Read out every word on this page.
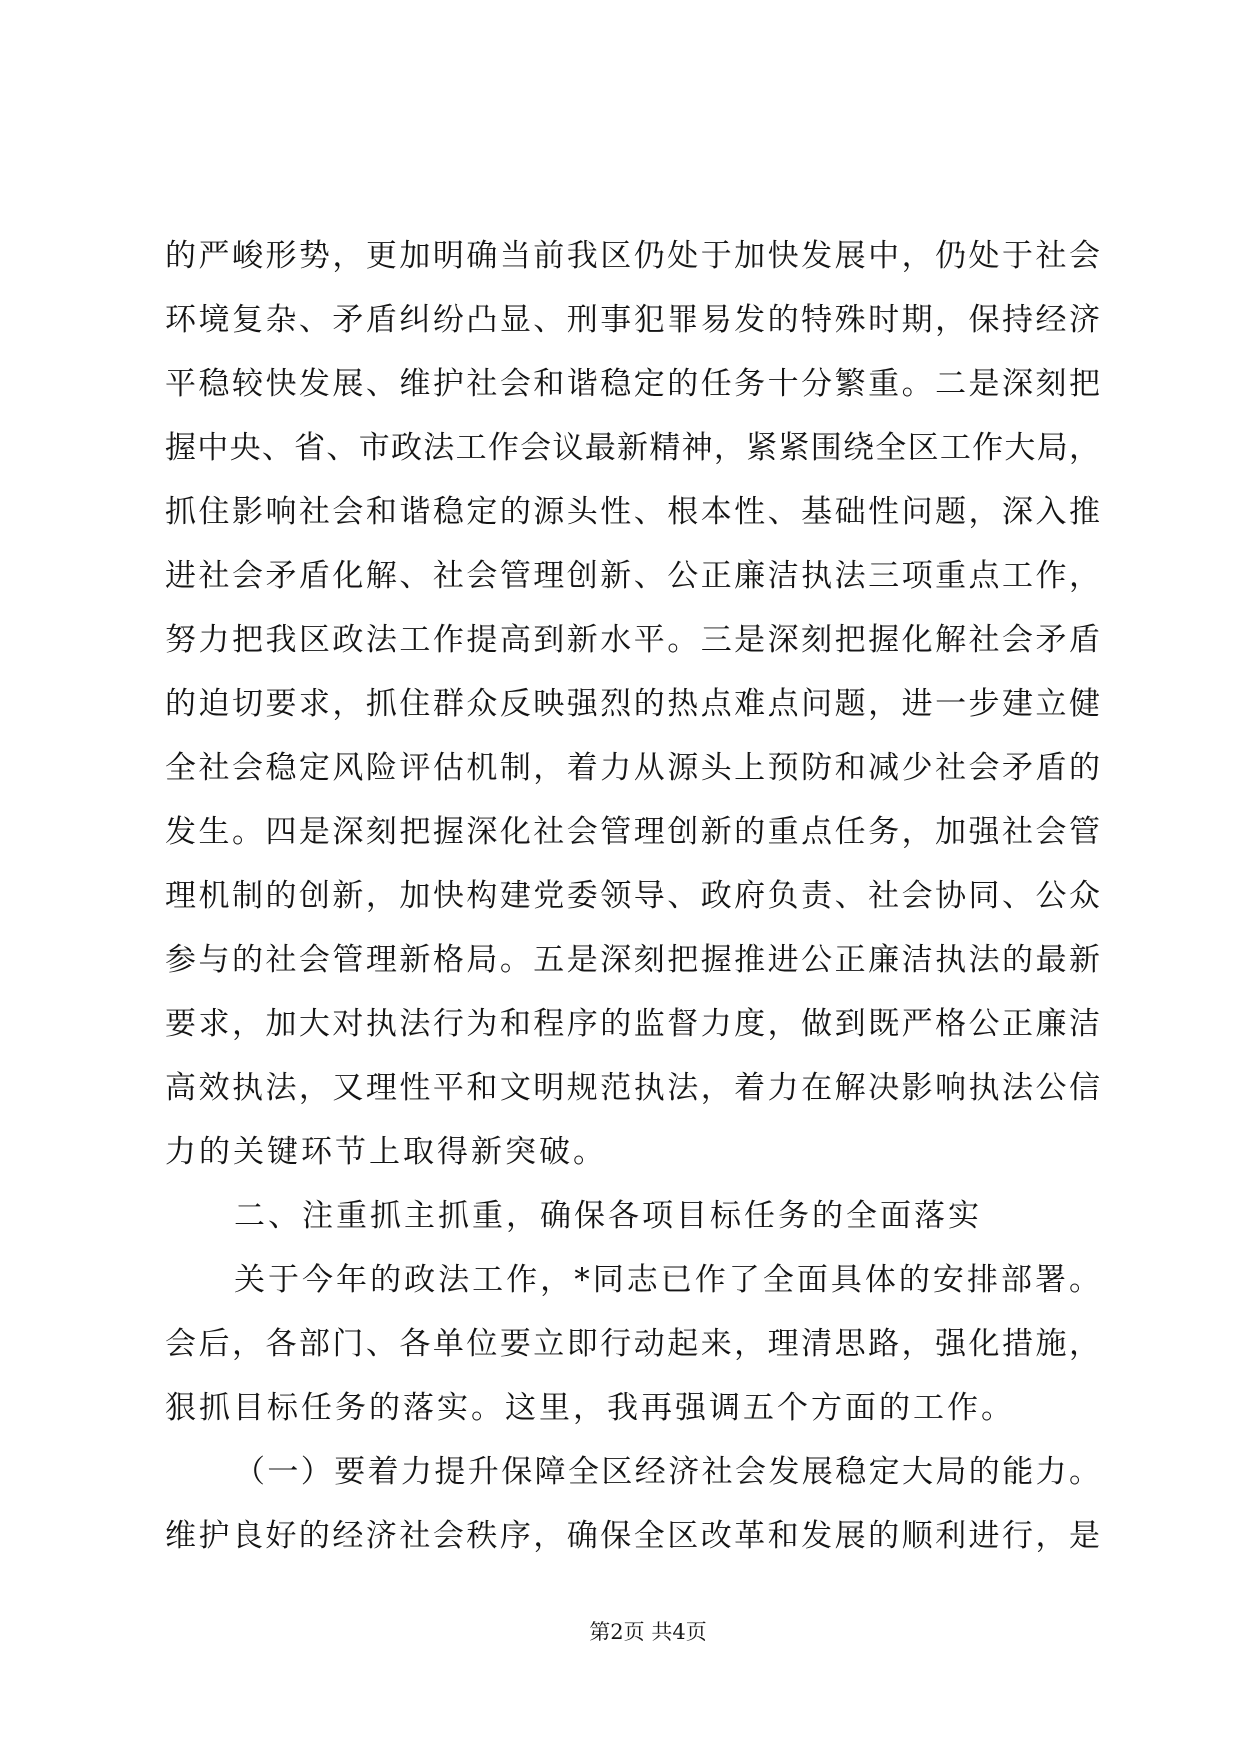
的严峻形势，更加明确当前我区仍处于加快发展中，仍处于社会
环境复杂、矛盾纠纷凸显、刑事犯罪易发的特殊时期，保持经济
平稳较快发展、维护社会和谐稳定的任务十分繁重。二是深刻把
握中央、省、市政法工作会议最新精神，紧紧围绕全区工作大局，
抓住影响社会和谐稳定的源头性、根本性、基础性问题，深入推
进社会矛盾化解、社会管理创新、公正廉洁执法三项重点工作，
努力把我区政法工作提高到新水平。三是深刻把握化解社会矛盾
的迫切要求，抓住群众反映强烈的热点难点问题，进一步建立健
全社会稳定风险评估机制，着力从源头上预防和减少社会矛盾的
发生。四是深刻把握深化社会管理创新的重点任务，加强社会管
理机制的创新，加快构建党委领导、政府负责、社会协同、公众
参与的社会管理新格局。五是深刻把握推进公正廉洁执法的最新
要求，加大对执法行为和程序的监督力度，做到既严格公正廉洁
高效执法，又理性平和文明规范执法，着力在解决影响执法公信
力的关键环节上取得新突破。
二、注重抓主抓重，确保各项目标任务的全面落实
关于今年的政法工作，*同志已作了全面具体的安排部署。
会后，各部门、各单位要立即行动起来，理清思路，强化措施，
狠抓目标任务的落实。这里，我再强调五个方面的工作。
（一）要着力提升保障全区经济社会发展稳定大局的能力。
维护良好的经济社会秩序，确保全区改革和发展的顺利进行，是
第2页 共4页
